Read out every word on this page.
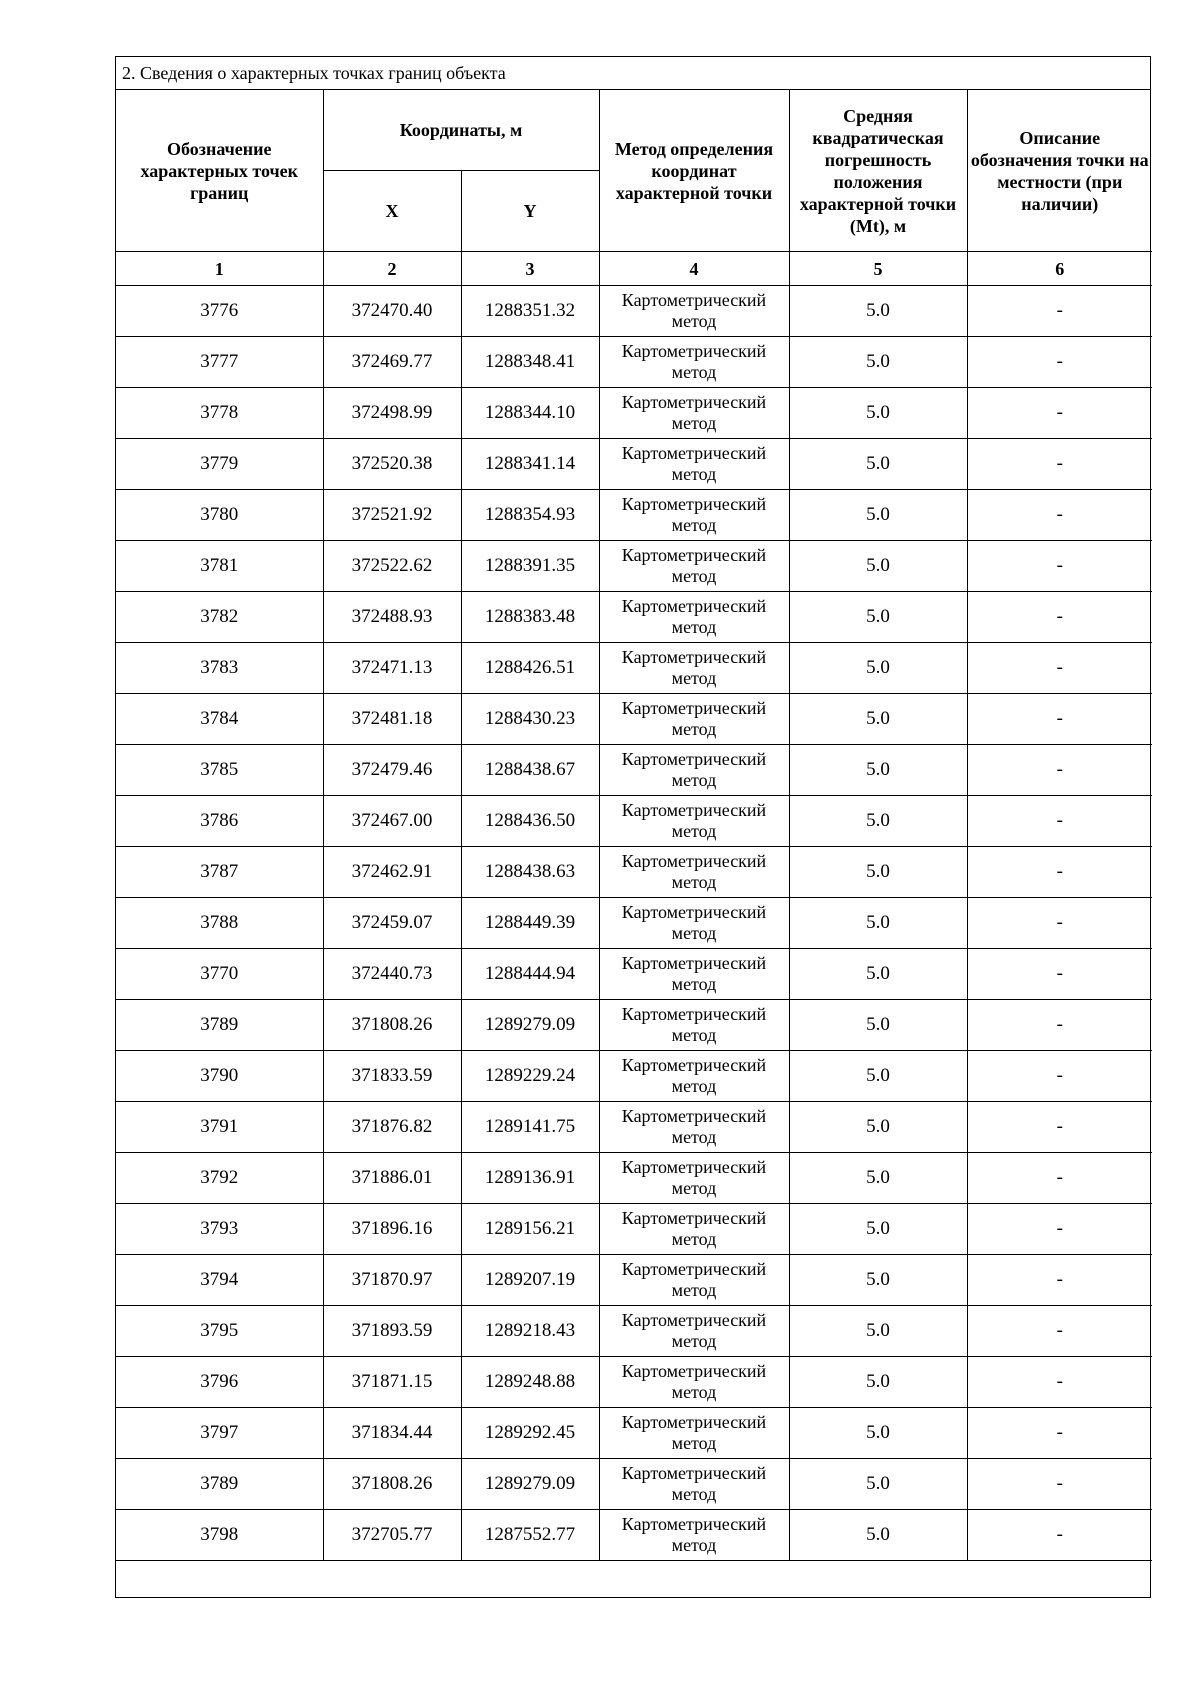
2. Сведения о характерных точках границ объекта
Обозначение характерных точек границ	Координаты, м		Метод определения координат характерной точки	Средняя квадратическая погрешность положения характерной точки (Mt), м	Описание обозначения точки на местности (при наличии)
	X	Y			
1	2	3	4	5	6
3776	372470.40	1288351.32	Картометрический метод	5.0	-
3777	372469.77	1288348.41	Картометрический метод	5.0	-
3778	372498.99	1288344.10	Картометрический метод	5.0	-
3779	372520.38	1288341.14	Картометрический метод	5.0	-
3780	372521.92	1288354.93	Картометрический метод	5.0	-
3781	372522.62	1288391.35	Картометрический метод	5.0	-
3782	372488.93	1288383.48	Картометрический метод	5.0	-
3783	372471.13	1288426.51	Картометрический метод	5.0	-
3784	372481.18	1288430.23	Картометрический метод	5.0	-
3785	372479.46	1288438.67	Картометрический метод	5.0	-
3786	372467.00	1288436.50	Картометрический метод	5.0	-
3787	372462.91	1288438.63	Картометрический метод	5.0	-
3788	372459.07	1288449.39	Картометрический метод	5.0	-
3770	372440.73	1288444.94	Картометрический метод	5.0	-
3789	371808.26	1289279.09	Картометрический метод	5.0	-
3790	371833.59	1289229.24	Картометрический метод	5.0	-
3791	371876.82	1289141.75	Картометрический метод	5.0	-
3792	371886.01	1289136.91	Картометрический метод	5.0	-
3793	371896.16	1289156.21	Картометрический метод	5.0	-
3794	371870.97	1289207.19	Картометрический метод	5.0	-
3795	371893.59	1289218.43	Картометрический метод	5.0	-
3796	371871.15	1289248.88	Картометрический метод	5.0	-
3797	371834.44	1289292.45	Картометрический метод	5.0	-
3789	371808.26	1289279.09	Картометрический метод	5.0	-
3798	372705.77	1287552.77	Картометрический метод	5.0	-
